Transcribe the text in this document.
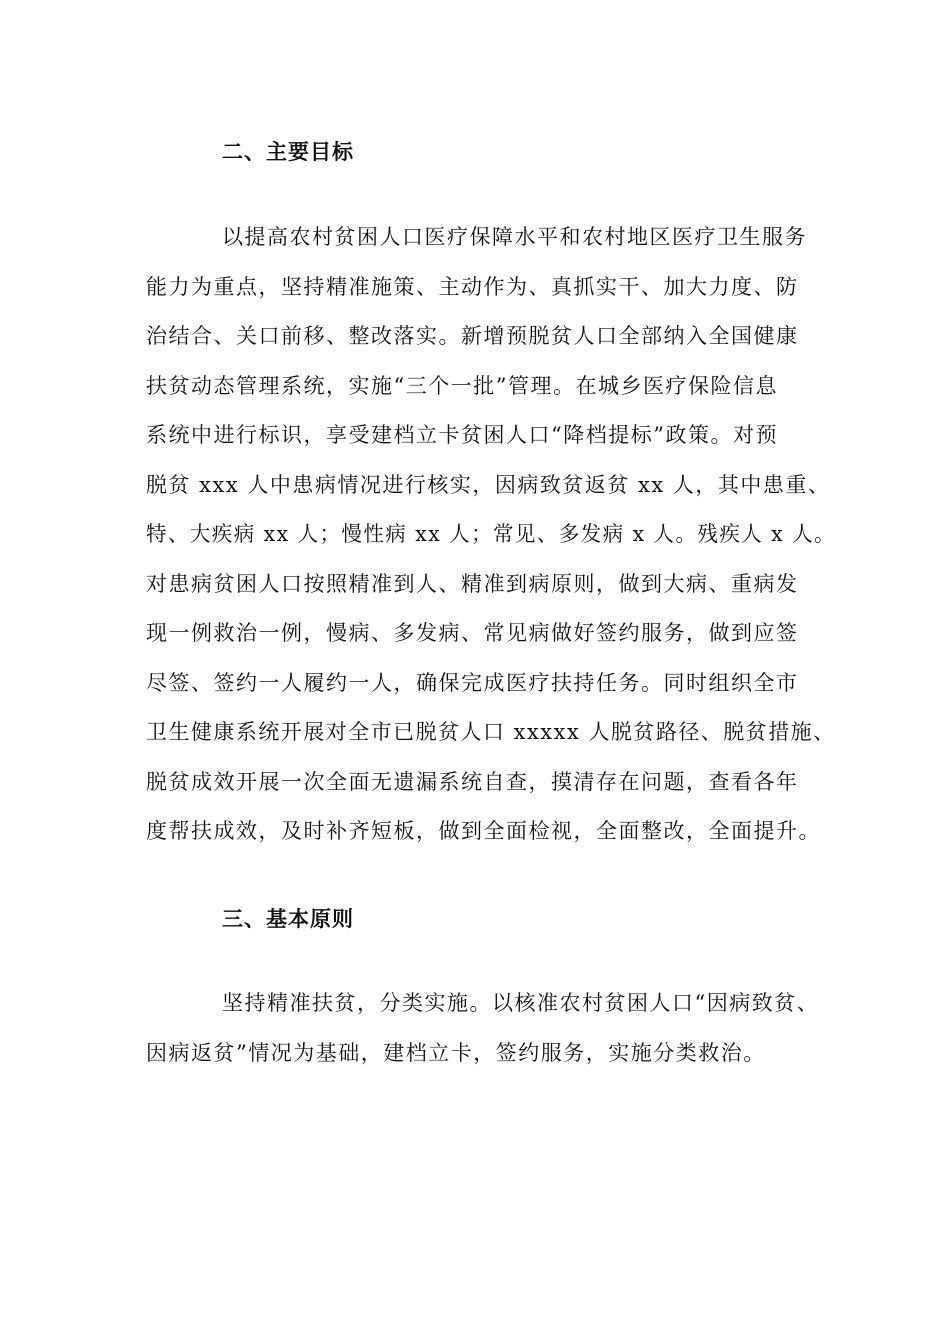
二、主要目标
以提高农村贫困人口医疗保障水平和农村地区医疗卫生服务
能力为重点，坚持精准施策、主动作为、真抓实干、加大力度、防
治结合、关口前移、整改落实。新增预脱贫人口全部纳入全国健康
扶贫动态管理系统，实施“三个一批”管理。在城乡医疗保险信息
系统中进行标识，享受建档立卡贫困人口“降档提标”政策。对预
脱贫 xxx 人中患病情况进行核实，因病致贫返贫 xx 人，其中患重、
特、大疾病 xx 人；慢性病 xx 人；常见、多发病 x 人。残疾人 x 人。
对患病贫困人口按照精准到人、精准到病原则，做到大病、重病发
现一例救治一例，慢病、多发病、常见病做好签约服务，做到应签
尽签、签约一人履约一人，确保完成医疗扶持任务。同时组织全市
卫生健康系统开展对全市已脱贫人口 xxxxx 人脱贫路径、脱贫措施、
脱贫成效开展一次全面无遗漏系统自查，摸清存在问题，查看各年
度帮扶成效，及时补齐短板，做到全面检视，全面整改，全面提升。
三、基本原则
坚持精准扶贫，分类实施。以核准农村贫困人口“因病致贫、
因病返贫”情况为基础，建档立卡，签约服务，实施分类救治。
